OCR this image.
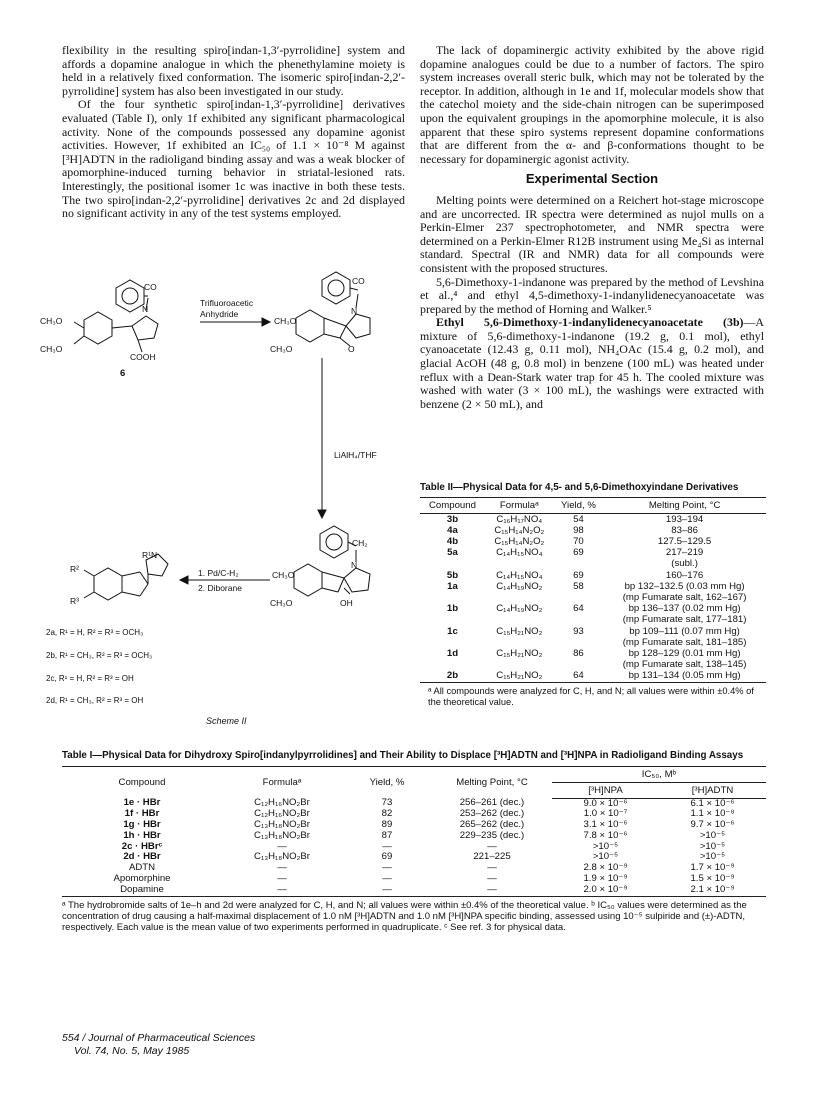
flexibility in the resulting spiro[indan-1,3′-pyrrolidine] system and affords a dopamine analogue in which the phenethylamine moiety is held in a relatively fixed conformation. The isomeric spiro[indan-2,2′-pyrrolidine] system has also been investigated in our study.

Of the four synthetic spiro[indan-1,3′-pyrrolidine] derivatives evaluated (Table I), only 1f exhibited any significant pharmacological activity. None of the compounds possessed any dopamine agonist activities. However, 1f exhibited an IC₅₀ of 1.1 × 10⁻⁸ M against [³H]ADTN in the radioligand binding assay and was a weak blocker of apomorphine-induced turning behavior in striatal-lesioned rats. Interestingly, the positional isomer 1c was inactive in both these tests. The two spiro[indan-2,2′-pyrrolidine] derivatives 2c and 2d displayed no significant activity in any of the test systems employed.

The lack of dopaminergic activity exhibited by the above rigid dopamine analogues could be due to a number of factors. The spiro system increases overall steric bulk, which may not be tolerated by the receptor. In addition, although in 1e and 1f, molecular models show that the catechol moiety and the side-chain nitrogen can be superimposed upon the equivalent groupings in the apomorphine molecule, it is also apparent that these spiro systems represent dopamine conformations that are different from the α- and β-conformations thought to be necessary for dopaminergic agonist activity.

Experimental Section

Melting points were determined on a Reichert hot-stage microscope and are uncorrected. IR spectra were determined as nujol mulls on a Perkin-Elmer 237 spectrophotometer, and NMR spectra were determined on a Perkin-Elmer R12B instrument using Me₄Si as internal standard. Spectral (IR and NMR) data for all compounds were consistent with the proposed structures.

5,6-Dimethoxy-1-indanone was prepared by the method of Levshina et al.,⁴ and ethyl 4,5-dimethoxy-1-indanylidenecyanoacetate was prepared by the method of Horning and Walker.⁵

Ethyl 5,6-Dimethoxy-1-indanylidenecyanoacetate (3b)—A mixture of 5,6-dimethoxy-1-indanone (19.2 g, 0.1 mol), ethyl cyanoacetate (12.43 g, 0.11 mol), NH₄OAc (15.4 g, 0.2 mol), and glacial AcOH (48 g, 0.8 mol) in benzene (100 mL) was heated under reflux with a Dean-Stark water trap for 45 h. The cooled mixture was washed with water (3 × 100 mL), the washings were extracted with benzene (2 × 50 mL), and

CO
N
CH₃O
CH₃O
COOH
6
Trifluoroacetic
Anhydride
CO
N
CH₃O
CH₃O	O
LiAlH₄/THF
CH₂
N
CH₃O
CH₃O	OH
1. Pd/C-H₂
2. Diborane
R¹N
R²
R³
2a, R¹ = H, R² = R³ = OCH₃
2b, R¹ = CH₃, R² = R³ = OCH₃
2c, R¹ = H, R² = R³ = OH
2d, R¹ = CH₃, R² = R³ = OH
Scheme II
Table II—Physical Data for 4,5- and 5,6-Dimethoxyindane Derivatives
Compound	Formulaᵃ	Yield, %	Melting Point, °C
3b	C₁₆H₁₇NO₄	54	193–194
4a	C₁₅H₁₄N₂O₂	98	83–86
4b	C₁₅H₁₄N₂O₂	70	127.5–129.5
5a	C₁₄H₁₅NO₄	69	217–219
			(subl.)
5b	C₁₄H₁₅NO₄	69	160–176
1a	C₁₄H₁₉NO₂	58	bp 132–132.5 (0.03 mm Hg)
			(mp Fumarate salt, 162–167)
1b	C₁₄H₁₉NO₂	64	bp 136–137 (0.02 mm Hg)
			(mp Fumarate salt, 177–181)
1c	C₁₅H₂₁NO₂	93	bp 109–111 (0.07 mm Hg)
			(mp Fumarate salt, 181–185)
1d	C₁₅H₂₁NO₂	86	bp 128–129 (0.01 mm Hg)
			(mp Fumarate salt, 138–145)
2b	C₁₅H₂₁NO₂	64	bp 131–134 (0.05 mm Hg)
ᵃ All compounds were analyzed for C, H, and N; all values were within ±0.4% of the theoretical value.
Table I—Physical Data for Dihydroxy Spiro[indanylpyrrolidines] and Their Ability to Displace [³H]ADTN and [³H]NPA in Radioligand Binding Assays
Compound	Formulaᵃ	Yield, %	Melting Point, °C	IC₅₀, Mᵇ	
				[³H]NPA	[³H]ADTN
1e · HBr	C₁₂H₁₆NO₂Br	73	256–261 (dec.)	9.0 × 10⁻⁶	6.1 × 10⁻⁶
1f · HBr	C₁₂H₁₆NO₂Br	82	253–262 (dec.)	1.0 × 10⁻⁷	1.1 × 10⁻⁸
1g · HBr	C₁₃H₁₈NO₂Br	89	265–262 (dec.)	3.1 × 10⁻⁶	9.7 × 10⁻⁶
1h · HBr	C₁₃H₁₈NO₂Br	87	229–235 (dec.)	7.8 × 10⁻⁶	>10⁻⁵
2c · HBrᶜ	—	—	—	>10⁻⁵	>10⁻⁵
2d · HBr	C₁₃H₁₈NO₂Br	69	221–225	>10⁻⁵	>10⁻⁵
ADTN	—	—	—	2.8 × 10⁻⁹	1.7 × 10⁻⁹
Apomorphine	—	—	—	1.9 × 10⁻⁹	1.5 × 10⁻⁹
Dopamine	—	—	—	2.0 × 10⁻⁹	2.1 × 10⁻⁹
ᵃ The hydrobromide salts of 1e–h and 2d were analyzed for C, H, and N; all values were within ±0.4% of the theoretical value. ᵇ IC₅₀ values were determined as the concentration of drug causing a half-maximal displacement of 1.0 nM [³H]ADTN and 1.0 nM [³H]NPA specific binding, assessed using 10⁻⁵ sulpiride and (±)-ADTN, respectively. Each value is the mean value of two experiments performed in quadruplicate. ᶜ See ref. 3 for physical data.
554 / Journal of Pharmaceutical Sciences
Vol. 74, No. 5, May 1985
